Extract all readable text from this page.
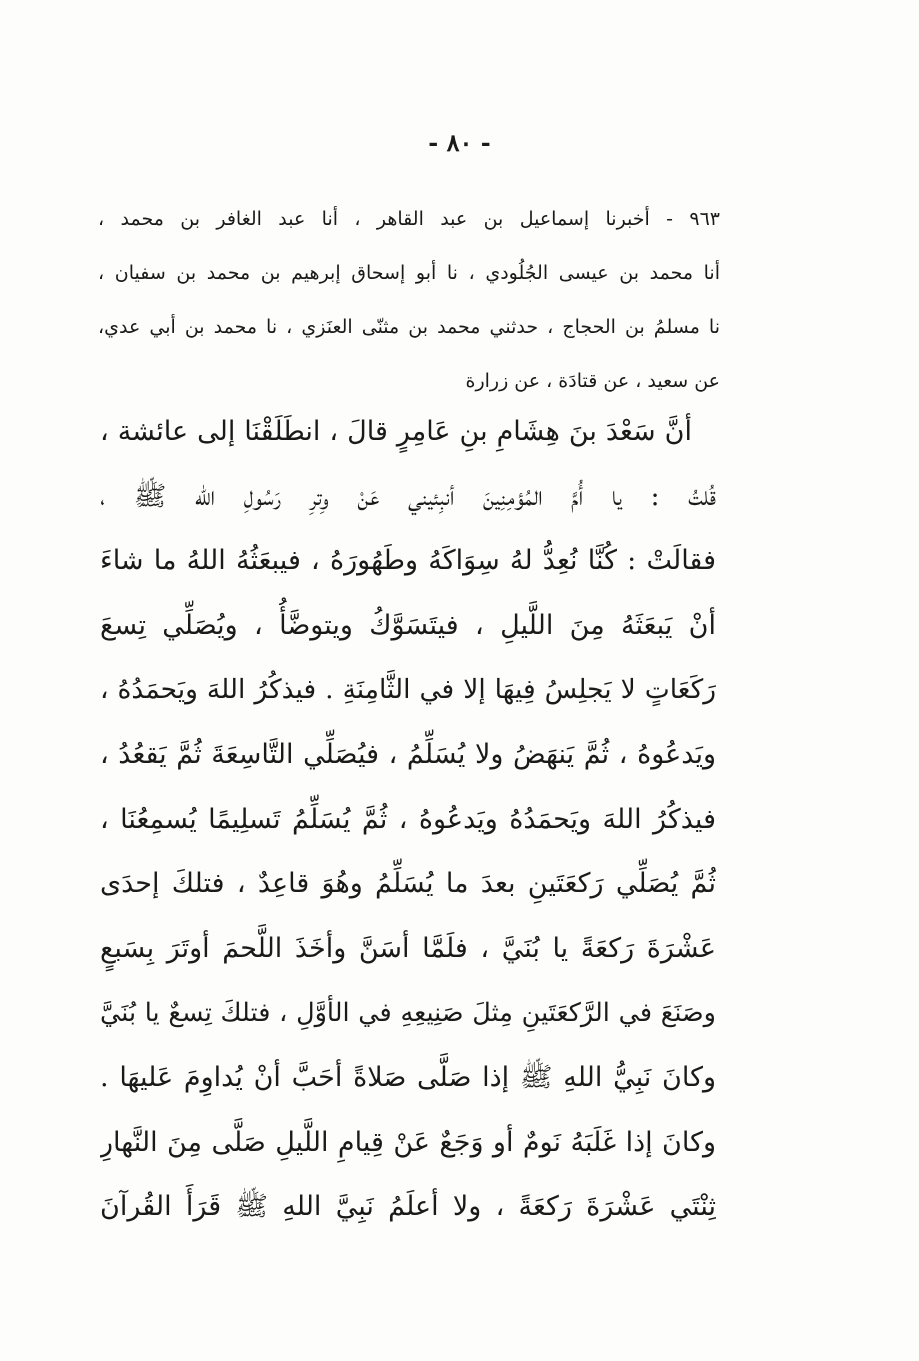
- ٨٠ -
٩٦٣ - أخبرنا إسماعيل بن عبد القاهر ، أنا عبد الغافر بن محمد ،
أنا محمد بن عيسى الجُلُودي ، نا أبو إسحاق إبرهيم بن محمد بن سفيان ،
نا مسلمُ بن الحجاج ، حدثني محمد بن مثنّى العنَزي ، نا محمد بن أبي عدي،
عن سعيد ، عن قتادَة ، عن زرارة
أنَّ سَعْدَ بنَ هِشَامِ بنِ عَامِرٍ قالَ ، انطَلَقْنَا إلى عائشة ،
قُلتُ : يا أُمَّ المُؤمِنِينَ أنبِئيني عَنْ وِترِ رَسُولِ الله ﷺ ،
فقالَتْ : كُنَّا نُعِدُّ لهُ سِوَاكَهُ وطَهُورَهُ ، فيبعَثُهُ اللهُ ما شاءَ
أنْ يَبعَثَهُ مِنَ اللَّيلِ ، فيتَسَوَّكُ ويتوضَّأُ ، ويُصَلِّي تِسعَ
رَكَعَاتٍ لا يَجلِسُ فِيهَا إلا في الثَّامِنَةِ . فيذكُرُ اللهَ ويَحمَدُهُ ،
ويَدعُوهُ ، ثُمَّ يَنهَضُ ولا يُسَلِّمُ ، فيُصَلِّي التَّاسِعَةَ ثُمَّ يَقعُدُ ،
فيذكُرُ اللهَ ويَحمَدُهُ ويَدعُوهُ ، ثُمَّ يُسَلِّمُ تَسلِيمًا يُسمِعُنَا ،
ثُمَّ يُصَلِّي رَكعَتَينِ بعدَ ما يُسَلِّمُ وهُوَ قاعِدٌ ، فتلكَ إحدَى
عَشْرَةَ رَكعَةً يا بُنَيَّ ، فلَمَّا أسَنَّ وأخَذَ اللَّحمَ أوتَرَ بِسَبعٍ
وصَنَعَ في الرَّكعَتَينِ مِثلَ صَنِيعِهِ في الأوَّلِ ، فتلكَ تِسعٌ يا بُنَيَّ
وكانَ نَبِيُّ اللهِ ﷺ إذا صَلَّى صَلاةً أحَبَّ أنْ يُداوِمَ عَليهَا .
وكانَ إذا غَلَبَهُ نَومٌ أو وَجَعٌ عَنْ قِيامِ اللَّيلِ صَلَّى مِنَ النَّهارِ
ثِنْتَي عَشْرَةَ رَكعَةً ، ولا أعلَمُ نَبِيَّ اللهِ ﷺ قَرَأَ القُرآنَ
